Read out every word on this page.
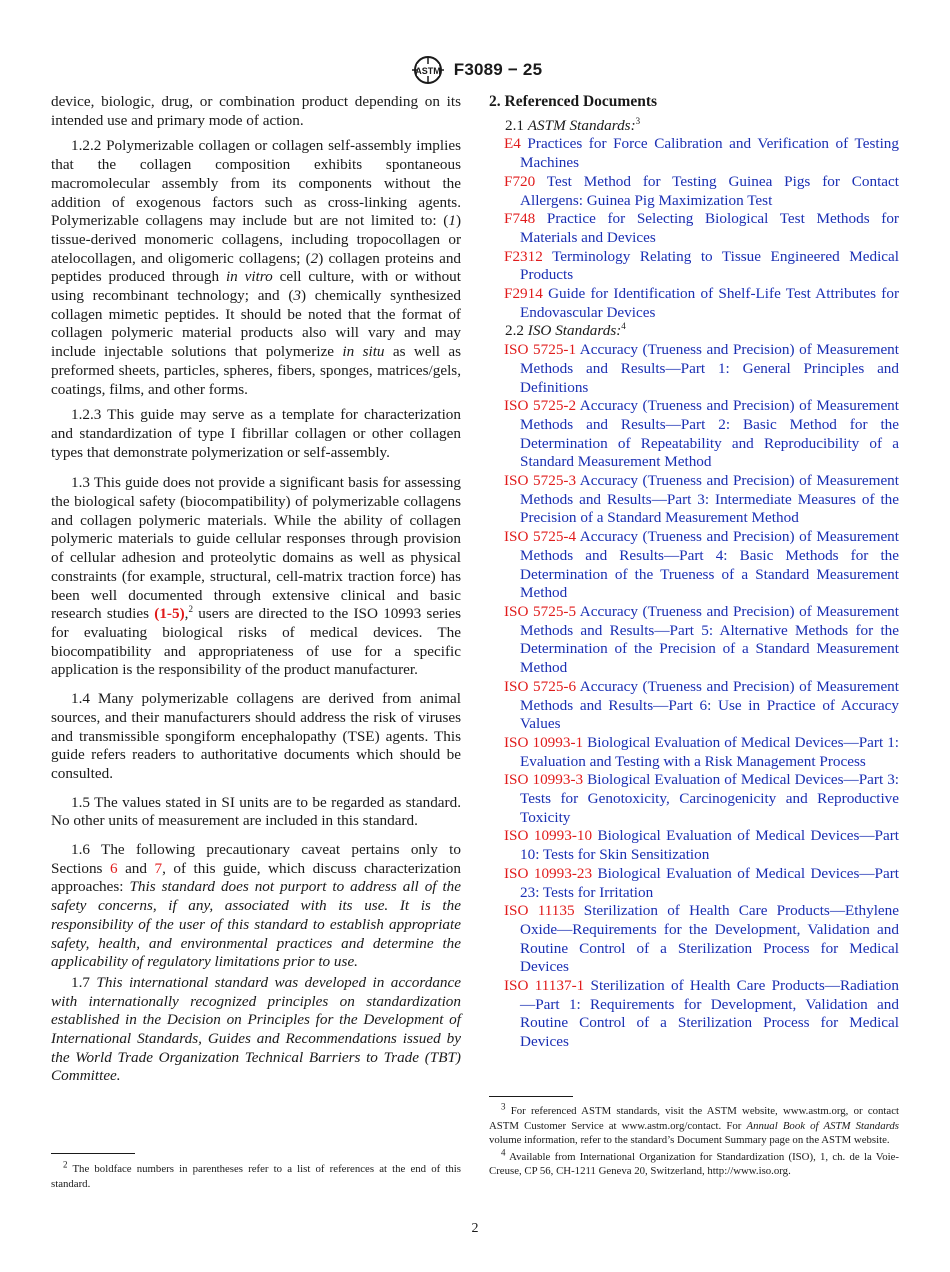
ASTM F3089 − 25

device, biologic, drug, or combination product depending on its intended use and primary mode of action.

1.2.2 Polymerizable collagen or collagen self-assembly implies that the collagen composition exhibits spontaneous macromolecular assembly from its components without the addition of exogenous factors such as cross-linking agents. Polymerizable collagens may include but are not limited to: (1) tissue-derived monomeric collagens, including tropocollagen or atelocollagen, and oligomeric collagens; (2) collagen proteins and peptides produced through in vitro cell culture, with or without using recombinant technology; and (3) chemically synthesized collagen mimetic peptides. It should be noted that the format of collagen polymeric material products also will vary and may include injectable solutions that polymerize in situ as well as preformed sheets, particles, spheres, fibers, sponges, matrices/gels, coatings, films, and other forms.

1.2.3 This guide may serve as a template for characterization and standardization of type I fibrillar collagen or other collagen types that demonstrate polymerization or self-assembly.

1.3 This guide does not provide a significant basis for assessing the biological safety (biocompatibility) of polymerizable collagens and collagen polymeric materials. While the ability of collagen polymeric materials to guide cellular responses through provision of cellular adhesion and proteolytic domains as well as physical constraints (for example, structural, cell-matrix traction force) has been well documented through extensive clinical and basic research studies (1-5),$^2$ users are directed to the ISO 10993 series for evaluating biological risks of medical devices. The biocompatibility and appropriateness of use for a specific application is the responsibility of the product manufacturer.

1.4 Many polymerizable collagens are derived from animal sources, and their manufacturers should address the risk of viruses and transmissible spongiform encephalopathy (TSE) agents. This guide refers readers to authoritative documents which should be consulted.

1.5 The values stated in SI units are to be regarded as standard. No other units of measurement are included in this standard.

1.6 The following precautionary caveat pertains only to Sections 6 and 7, of this guide, which discuss characterization approaches: This standard does not purport to address all of the safety concerns, if any, associated with its use. It is the responsibility of the user of this standard to establish appropriate safety, health, and environmental practices and determine the applicability of regulatory limitations prior to use.

1.7 This international standard was developed in accordance with internationally recognized principles on standardization established in the Decision on Principles for the Development of International Standards, Guides and Recommendations issued by the World Trade Organization Technical Barriers to Trade (TBT) Committee.

$^2$ The boldface numbers in parentheses refer to a list of references at the end of this standard.

2. Referenced Documents
2.1 ASTM Standards:$^3$
E4 Practices for Force Calibration and Verification of Testing Machines
F720 Test Method for Testing Guinea Pigs for Contact Allergens: Guinea Pig Maximization Test
F748 Practice for Selecting Biological Test Methods for Materials and Devices
F2312 Terminology Relating to Tissue Engineered Medical Products
F2914 Guide for Identification of Shelf-Life Test Attributes for Endovascular Devices
2.2 ISO Standards:$^4$
ISO 5725-1 Accuracy (Trueness and Precision) of Measurement Methods and Results—Part 1: General Principles and Definitions
ISO 5725-2 Accuracy (Trueness and Precision) of Measurement Methods and Results—Part 2: Basic Method for the Determination of Repeatability and Reproducibility of a Standard Measurement Method
ISO 5725-3 Accuracy (Trueness and Precision) of Measurement Methods and Results—Part 3: Intermediate Measures of the Precision of a Standard Measurement Method
ISO 5725-4 Accuracy (Trueness and Precision) of Measurement Methods and Results—Part 4: Basic Methods for the Determination of the Trueness of a Standard Measurement Method
ISO 5725-5 Accuracy (Trueness and Precision) of Measurement Methods and Results—Part 5: Alternative Methods for the Determination of the Precision of a Standard Measurement Method
ISO 5725-6 Accuracy (Trueness and Precision) of Measurement Methods and Results—Part 6: Use in Practice of Accuracy Values
ISO 10993-1 Biological Evaluation of Medical Devices—Part 1: Evaluation and Testing with a Risk Management Process
ISO 10993-3 Biological Evaluation of Medical Devices—Part 3: Tests for Genotoxicity, Carcinogenicity and Reproductive Toxicity
ISO 10993-10 Biological Evaluation of Medical Devices—Part 10: Tests for Skin Sensitization
ISO 10993-23 Biological Evaluation of Medical Devices—Part 23: Tests for Irritation
ISO 11135 Sterilization of Health Care Products—Ethylene Oxide—Requirements for the Development, Validation and Routine Control of a Sterilization Process for Medical Devices
ISO 11137-1 Sterilization of Health Care Products—Radiation—Part 1: Requirements for Development, Validation and Routine Control of a Sterilization Process for Medical Devices

$^3$ For referenced ASTM standards, visit the ASTM website, www.astm.org, or contact ASTM Customer Service at www.astm.org/contact. For Annual Book of ASTM Standards volume information, refer to the standard’s Document Summary page on the ASTM website.

$^4$ Available from International Organization for Standardization (ISO), 1, ch. de la Voie-Creuse, CP 56, CH-1211 Geneva 20, Switzerland, http://www.iso.org.

2
